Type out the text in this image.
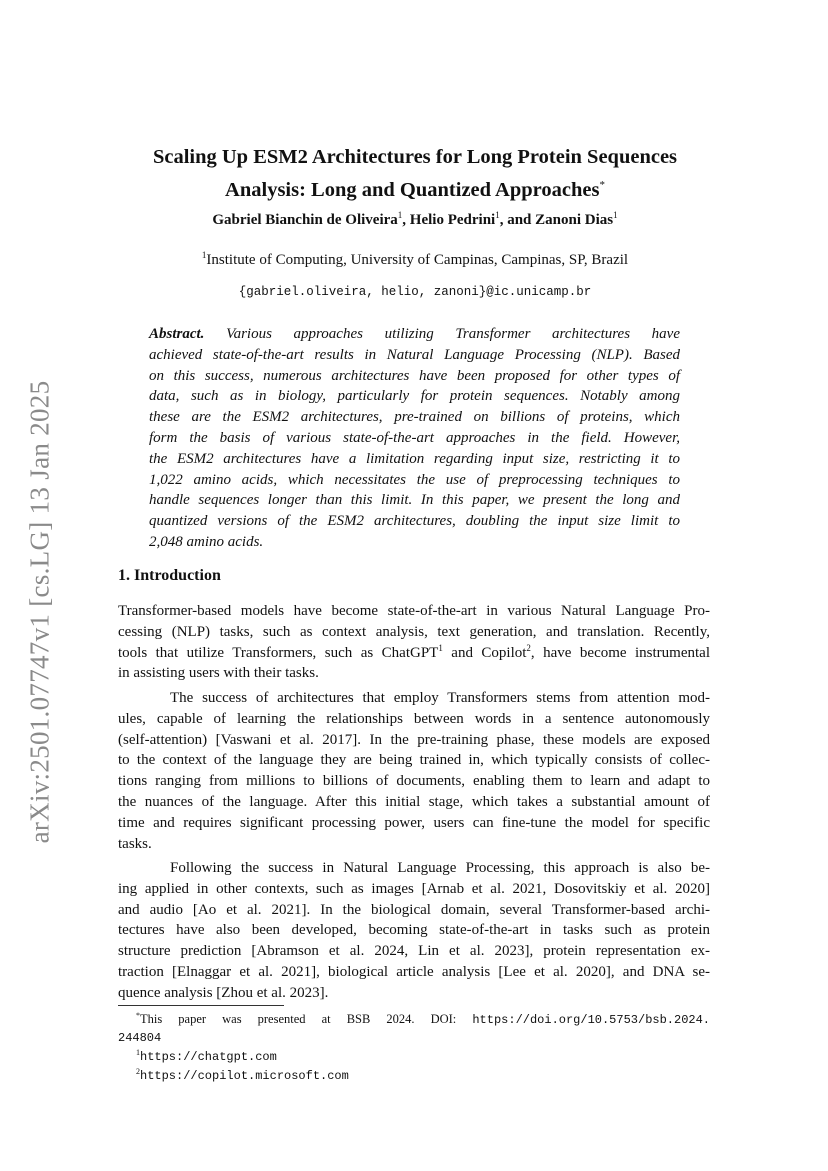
arXiv:2501.07747v1 [cs.LG] 13 Jan 2025
Scaling Up ESM2 Architectures for Long Protein Sequences
Analysis: Long and Quantized Approaches*
Gabriel Bianchin de Oliveira$^1$, Helio Pedrini$^1$, and Zanoni Dias$^1$
$^1$Institute of Computing, University of Campinas, Campinas, SP, Brazil
{gabriel.oliveira, helio, zanoni}@ic.unicamp.br
Abstract. Various approaches utilizing Transformer architectures have
achieved state-of-the-art results in Natural Language Processing (NLP). Based
on this success, numerous architectures have been proposed for other types of
data, such as in biology, particularly for protein sequences. Notably among
these are the ESM2 architectures, pre-trained on billions of proteins, which
form the basis of various state-of-the-art approaches in the field. However,
the ESM2 architectures have a limitation regarding input size, restricting it to
1,022 amino acids, which necessitates the use of preprocessing techniques to
handle sequences longer than this limit. In this paper, we present the long and
quantized versions of the ESM2 architectures, doubling the input size limit to
2,048 amino acids.
1. Introduction
Transformer-based models have become state-of-the-art in various Natural Language Pro-
cessing (NLP) tasks, such as context analysis, text generation, and translation. Recently,
tools that utilize Transformers, such as ChatGPT$^1$ and Copilot$^2$, have become instrumental
in assisting users with their tasks.
The success of architectures that employ Transformers stems from attention mod-
ules, capable of learning the relationships between words in a sentence autonomously
(self-attention) [Vaswani et al. 2017]. In the pre-training phase, these models are exposed
to the context of the language they are being trained in, which typically consists of collec-
tions ranging from millions to billions of documents, enabling them to learn and adapt to
the nuances of the language. After this initial stage, which takes a substantial amount of
time and requires significant processing power, users can fine-tune the model for specific
tasks.
Following the success in Natural Language Processing, this approach is also be-
ing applied in other contexts, such as images [Arnab et al. 2021, Dosovitskiy et al. 2020]
and audio [Ao et al. 2021]. In the biological domain, several Transformer-based archi-
tectures have also been developed, becoming state-of-the-art in tasks such as protein
structure prediction [Abramson et al. 2024, Lin et al. 2023], protein representation ex-
traction [Elnaggar et al. 2021], biological article analysis [Lee et al. 2020], and DNA se-
quence analysis [Zhou et al. 2023].
*This paper was presented at BSB 2024. DOI: https://doi.org/10.5753/bsb.2024.
244804
$^1$https://chatgpt.com
$^2$https://copilot.microsoft.com
